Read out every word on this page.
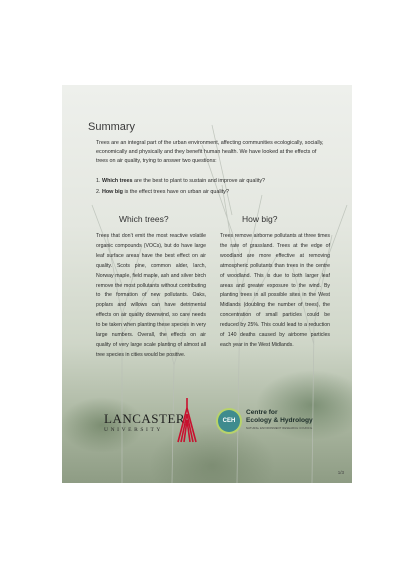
Summary

Trees are an integral part of the urban environment, affecting communities ecologically, socially, economically and physically and they benefit human health. We have looked at the effects of trees on air quality, trying to answer two questions:

1. Which trees are the best to plant to sustain and improve air quality?

2. How big is the effect trees have on urban air quality?

Which trees?	How big?

Trees that don’t emit the most reactive volatile organic compounds (VOCs), but do have large leaf surface areas have the best effect on air quality. Scots pine, common alder, larch, Norway maple, field maple, ash and silver birch remove the most pollutants without contributing to the formation of new pollutants. Oaks, poplars and willows can have detrimental effects on air quality downwind, so care needs to be taken when planting these species in very large numbers. Overall, the effects on air quality of very large scale planting of almost all tree species in cities would be positive.

Trees remove airborne pollutants at three times the rate of grassland. Trees at the edge of woodland are more effective at removing atmospheric pollutants than trees in the centre of woodland. This is due to both larger leaf areas and greater exposure to the wind. By planting trees in all possible sites in the West Midlands (doubling the number of trees), the concentration of small particles could be reduced by 25%. This could lead to a reduction of 140 deaths caused by airborne particles each year in the West Midlands.

LANCASTER
UNIVERSITY
CEH
Centre for
Ecology & Hydrology
NATURAL ENVIRONMENT RESEARCH COUNCIL
1/3
